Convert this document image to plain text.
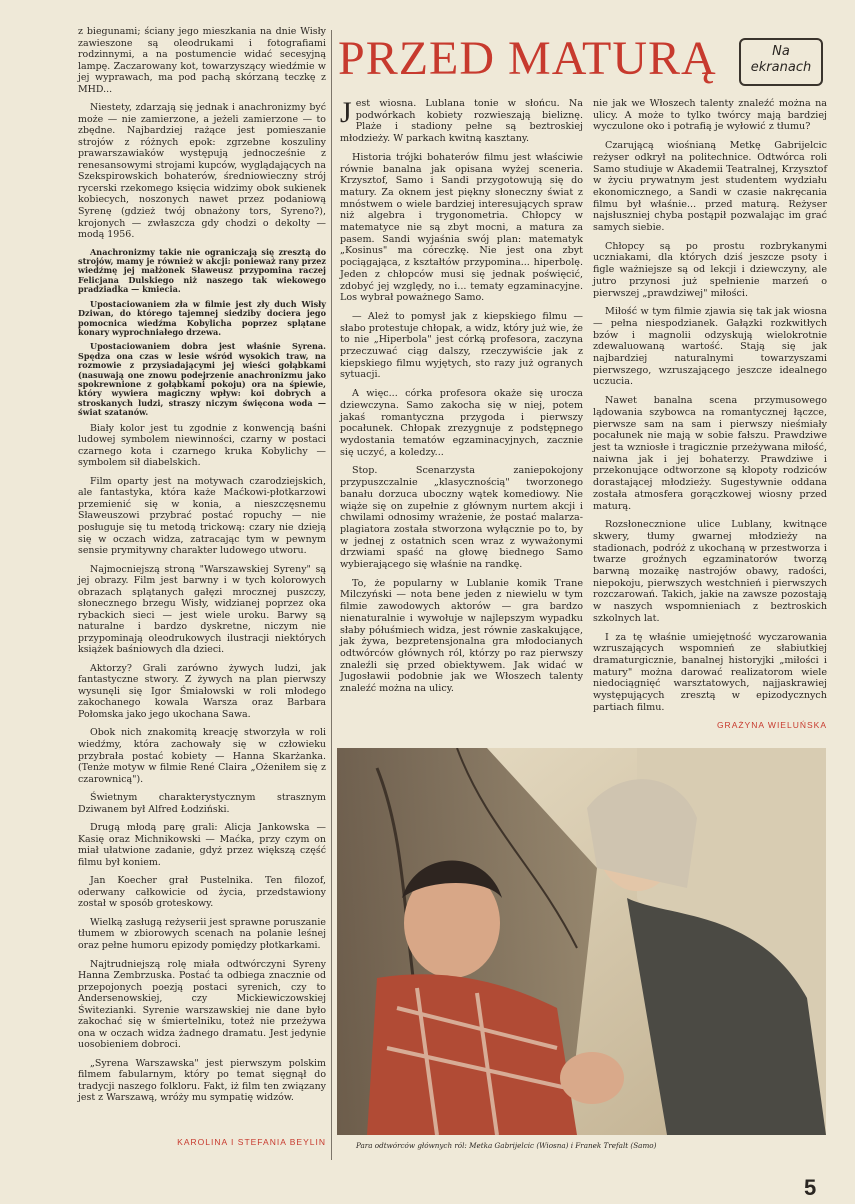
z biegunami; ściany jego mieszkania na dnie Wisły zawieszone są oleodrukami i fotografiami rodzinnymi, a na postumencie widać secesyjną lampę. Zaczarowany kot, towarzyszący wiedźmie w jej wyprawach, ma pod pachą skórzaną teczkę z MHD...

Niestety, zdarzają się jednak i anachronizmy być może — nie zamierzone, a jeżeli zamierzone — to zbędne. Najbardziej rażące jest pomieszanie strojów z różnych epok: zgrzebne koszuliny prawarszawiaków występują jednocześnie z renesansowymi strojami kupców, wyglądających na Szekspirowskich bohaterów, średniowieczny strój rycerski rzekomego księcia widzimy obok sukienek kobiecych, noszonych nawet przez podaniową Syrenę (gdzież twój obnażony tors, Syreno?), krojonych — zwłaszcza gdy chodzi o dekolty — modą 1956.

Anachronizmy takie nie ograniczają się zresztą do strojów, mamy je również w akcji: ponieważ rany przez wiedźmę jej małżonek Sławeusz przypomina raczej Felicjana Dulskiego niż naszego tak wiekowego pradziadka — kmiecia.

Upostaciowaniem zła w filmie jest zły duch Wisły Dziwan, do którego tajemnej siedziby dociera jego pomocnica wiedźma Kobylicha poprzez splątane konary wyprochniałego drzewa.

Upostaciowaniem dobra jest właśnie Syrena. Spędza ona czas w lesie wśród wysokich traw, na rozmowie z przysiadającymi jej wieści gołąbkami (nasuwają one znowu podejrzenie anachronizmu jako spokrewnione z gołąbkami pokoju) ora na śpiewie, który wywiera magiczny wpływ: koi dobrych a stroskanych ludzi, straszy niczym święcona woda — świat szatanów.

Biały kolor jest tu zgodnie z konwencją baśni ludowej symbolem niewinności, czarny w postaci czarnego kota i czarnego kruka Kobylichy — symbolem sił diabelskich.

Film oparty jest na motywach czarodziejskich, ale fantastyka, która każe Maćkowi-płotkarzowi przemienić się w konia, a nieszczęsnemu Sławeuszowi przybrać postać ropuchy — nie posługuje się tu metodą trickową: czary nie dzieją się w oczach widza, zatracając tym w pewnym sensie prymitywny charakter ludowego utworu.

Najmocniejszą stroną "Warszawskiej Syreny" są jej obrazy. Film jest barwny i w tych kolorowych obrazach splątanych gałęzi mrocznej puszczy, słonecznego brzegu Wisły, widzianej poprzez oka rybackich sieci — jest wiele uroku. Barwy są naturalne i bardzo dyskretne, niczym nie przypominają oleodrukowych ilustracji niektórych książek baśniowych dla dzieci.

Aktorzy? Grali zarówno żywych ludzi, jak fantastyczne stwory. Z żywych na plan pierwszy wysunęli się Igor Śmiałowski w roli młodego zakochanego kowala Warsza oraz Barbara Połomska jako jego ukochana Sawa.

Obok nich znakomitą kreację stworzyła w roli wiedźmy, która zachowały się w człowieku przybrała postać kobiety — Hanna Skarżanka. (Tenże motyw w filmie René Claira „Ożeniłem się z czarownicą").

Świetnym charakterystycznym strasznym Dziwanem był Alfred Łodziński.

Drugą młodą parę grali: Alicja Jankowska — Kasię oraz Michnikowski — Maćka, przy czym on miał ułatwione zadanie, gdyż przez większą część filmu był koniem.

Jan Koecher grał Pustelnika. Ten filozof, oderwany całkowicie od życia, przedstawiony został w sposób groteskowy.

Wielką zasługą reżyserii jest sprawne poruszanie tłumem w zbiorowych scenach na polanie leśnej oraz pełne humoru epizody pomiędzy płotkarkami.

Najtrudniejszą rolę miała odtwórczyni Syreny Hanna Zembrzuska. Postać ta odbiega znacznie od przepojonych poezją postaci syrenich, czy to Andersenowskiej, czy Mickiewiczowskiej Świteziankі. Syrenie warszawskiej nie dane było zakochać się w śmiertelniku, toteż nie przeżywa ona w oczach widza żadnego dramatu. Jest jedynie uosobieniem dobroci.

„Syrena Warszawska" jest pierwszym polskim filmem fabularnym, który po temat sięgnął do tradycji naszego folkloru. Fakt, iż film ten związany jest z Warszawą, wróży mu sympatię widzów.

KAROLINA I STEFANIA BEYLIN

PRZED MATURĄ	Na
ekranach

Jest wiosna. Lublana tonie w słońcu. Na podwórkach kobiety rozwieszają bieliznę. Plaże i stadiony pełne są beztroskiej młodzieży. W parkach kwitną kasztany.

Historia trójki bohaterów filmu jest właściwie równie banalna jak opisana wyżej sceneria. Krzysztof, Samo i Sandi przygotowują się do matury. Za oknem jest piękny słoneczny świat z mnóstwem o wiele bardziej interesujących spraw niż algebra i trygonometria. Chłopcy w matematyce nie są zbyt mocni, a matura za pasem. Sandi wyjaśnia swój plan: matematyk „Kosinus" ma córeczkę. Nie jest ona zbyt pociągająca, z kształtów przypomina... hiperbolę. Jeden z chłopców musi się jednak poświęcić, zdobyć jej względy, no i... tematy egzaminacyjne. Los wybrał poważnego Samo.

— Ależ to pomysł jak z kiepskiego filmu — słabo protestuje chłopak, a widz, który już wie, że to nie „Hiperbola" jest córką profesora, zaczyna przeczuwać ciąg dalszy, rzeczywiście jak z kiepskiego filmu wyjętych, sto razy już ogranych sytuacji.

A więc... córka profesora okaże się urocza dziewczyna. Samo zakocha się w niej, potem jakaś romantyczna przygoda i pierwszy pocałunek. Chłopak zrezygnuje z podstępnego wydostania tematów egzaminacyjnych, zacznie się uczyć, a koledzy...

Stop. Scenarzysta zaniepokojony przypuszczalnie „klasycznością" tworzonego banału dorzuca uboczny wątek komediowy. Nie wiąże się on zupełnie z głównym nurtem akcji i chwilami odnosimy wrażenie, że postać malarza-plagiatora została stworzona wyłącznie po to, by w jednej z ostatnich scen wraz z wyważonymi drzwiami spaść na głowę biednego Samo wybierającego się właśnie na randkę.

To, że popularny w Lublanie komik Trane Milczyński — nota bene jeden z niewielu w tym filmie zawodowych aktorów — gra bardzo nienaturalnie i wywołuje w najlepszym wypadku słaby półuśmiech widza, jest równie zaskakujące, jak żywa, bezpretensjonalna gra młodocianych odtwórców głównych ról, którzy po raz pierwszy znaleźli się przed obiektywem. Jak widać w Jugosławii podobnie jak we Włoszech talenty znaleźć można na ulicy.

nie jak we Włoszech talenty znaleźć można na ulicy. A może to tylko twórcy mają bardziej wyczulone oko i potrafią je wyłowić z tłumu?

Czarującą wiośnianą Metkę Gabrijelcic reżyser odkrył na politechnice. Odtwórca roli Samo studiuje w Akademii Teatralnej, Krzysztof w życiu prywatnym jest studentem wydziału ekonomicznego, a Sandi w czasie nakręcania filmu był właśnie... przed maturą. Reżyser najsłuszniej chyba postąpił pozwalając im grać samych siebie.

Chłopcy są po prostu rozbrykanymi uczniakami, dla których dziś jeszcze psoty i figle ważniejsze są od lekcji i dziewczyny, ale jutro przynosi już spełnienie marzeń o pierwszej „prawdziwej" miłości.

Miłość w tym filmie zjawia się tak jak wiosna — pełna niespodzianek. Gałązki rozkwitłych bzów i magnolii odzyskują wielokrotnie zdewaluowaną wartość. Stają się jak najbardziej naturalnymi towarzyszami pierwszego, wzruszającego jeszcze idealnego uczucia.

Nawet banalna scena przymusowego lądowania szybowca na romantycznej łączce, pierwsze sam na sam i pierwszy nieśmiały pocałunek nie mają w sobie fałszu. Prawdziwe jest ta wzniosłe i tragicznie przeżywana miłość, naiwna jak i jej bohaterzy. Prawdziwe i przekonujące odtworzone są kłopoty rodziców dorastającej młodzieży. Sugestywnie oddana została atmosfera gorączkowej wiosny przed maturą.

Rozsłonecznione ulice Lublany, kwitnące skwery, tłumy gwarnej młodzieży na stadionach, podróż z ukochaną w przestworza i twarze groźnych egzaminatorów tworzą barwną mozaikę nastrojów obawy, radości, niepokoju, pierwszych westchnień i pierwszych rozczarowań. Takich, jakie na zawsze pozostają w naszych wspomnieniach z beztroskich szkolnych lat.

I za tę właśnie umiejętność wyczarowania wzruszających wspomnień ze słabiutkiej dramaturgicznie, banalnej historyjki „miłości i matury" można darować realizatorom wiele niedociągnięć warsztatowych, najjaskrawiej występujących zresztą w epizodycznych partiach filmu.

GRAŻYNA WIELUŃSKA

Para odtwórców głównych ról: Metka Gabrijelcic (Wiosna) i Franek Trefalt (Samo)
5
